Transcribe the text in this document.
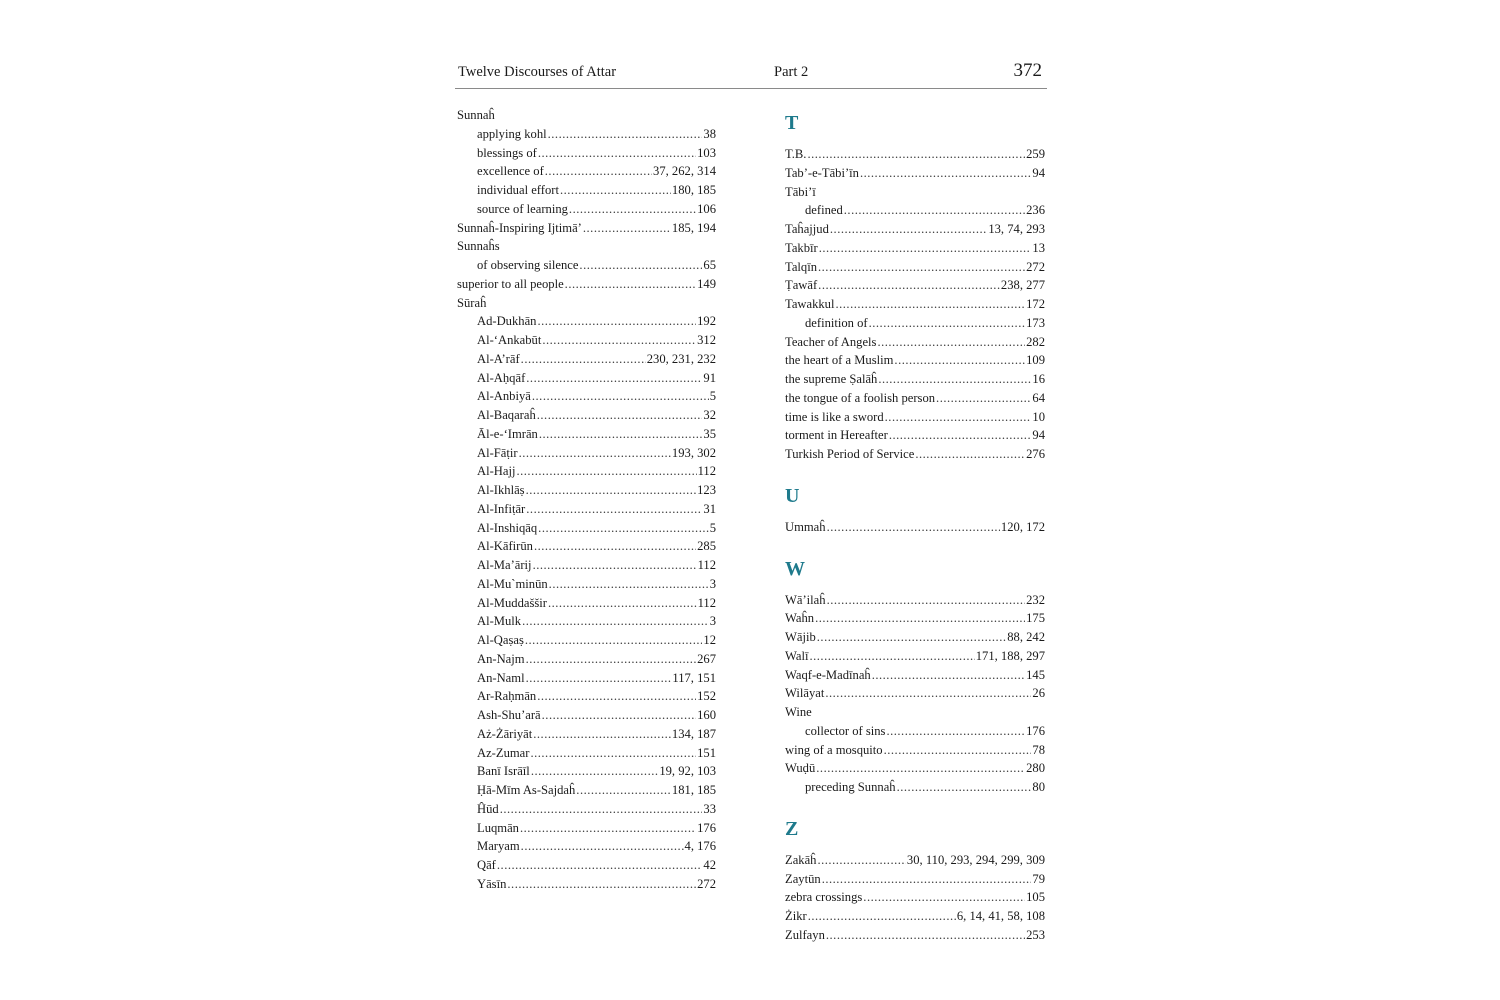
Twelve Discourses of Attar	Part 2	372
Sunnaĥ
applying kohl .....	38
blessings of .....	103
excellence of .....	37, 262, 314
individual effort .....	180, 185
source of learning .....	106
Sunnaĥ-Inspiring Ijtimā’ .....	185, 194
Sunnaĥs
of observing silence .....	65
superior to all people .....	149
Sūraĥ
Ad-Dukhān .....	192
Al-‘Ankabūt .....	312
Al-A’rāf .....	230, 231, 232
Al-Aḥqāf .....	91
Al-Anbiyā .....	5
Al-Baqaraĥ .....	32
Āl-e-‘Imrān .....	35
Al-Fāṭir .....	193, 302
Al-Hajj .....	112
Al-Ikhlāṣ .....	123
Al-Infiṭār .....	31
Al-Inshiqāq .....	5
Al-Kāfirūn .....	285
Al-Ma’ārij .....	112
Al-Mu`minūn .....	3
Al-Muddaššir .....	112
Al-Mulk .....	3
Al-Qaṣaṣ .....	12
An-Najm .....	267
An-Naml .....	117, 151
Ar-Raḥmān .....	152
Ash-Shu’arā .....	160
Aż-Żāriyāt .....	134, 187
Az-Zumar .....	151
Banī Isrāīl .....	19, 92, 103
Ḥā-Mīm As-Sajdaĥ .....	181, 185
Ĥūd .....	33
Luqmān .....	176
Maryam .....	4, 176
Qāf .....	42
Yāsīn .....	272
T
T.B. .....	259
Tab’-e-Tābi’īn .....	94
Tābi’ī
defined .....	236
Taĥajjud .....	13, 74, 293
Takbīr .....	13
Talqīn .....	272
Ṭawāf .....	238, 277
Tawakkul .....	172
definition of .....	173
Teacher of Angels .....	282
the heart of a Muslim .....	109
the supreme Ṣalāĥ .....	16
the tongue of a foolish person .....	64
time is like a sword .....	10
torment in Hereafter .....	94
Turkish Period of Service .....	276
U
Ummaĥ .....	120, 172
W
Wā’ilaĥ .....	232
Waĥn .....	175
Wājib .....	88, 242
Walī .....	171, 188, 297
Waqf-e-Madīnaĥ .....	145
Wilāyat .....	26
Wine
collector of sins .....	176
wing of a mosquito .....	78
Wuḍū .....	280
preceding Sunnaĥ .....	80
Z
Zakāĥ .....	30, 110, 293, 294, 299, 309
Zaytūn .....	79
zebra crossings .....	105
Żikr .....	6, 14, 41, 58, 108
Zulfayn .....	253
